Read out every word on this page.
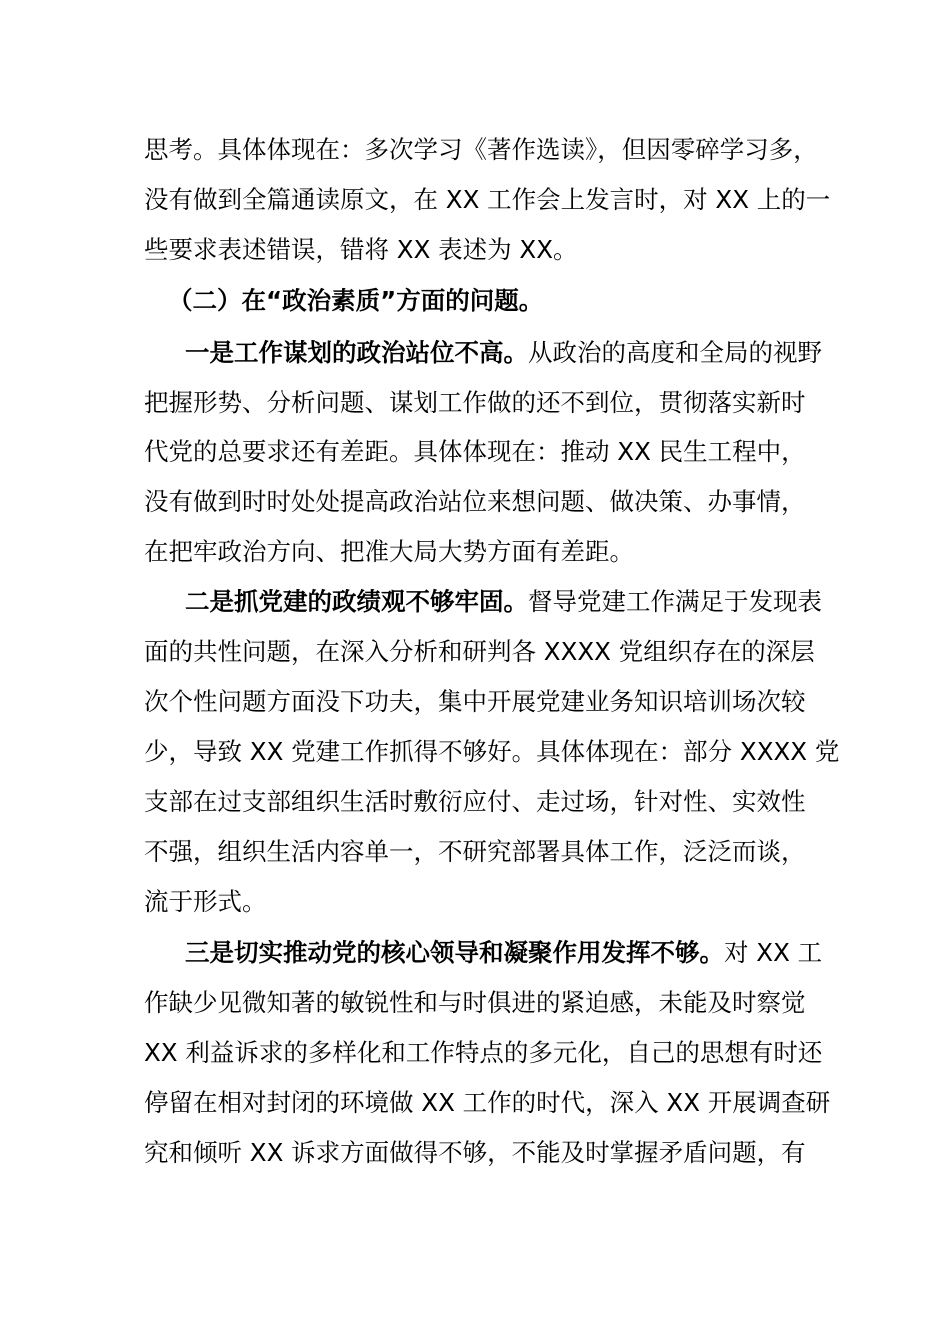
思考。具体体现在：多次学习《著作选读》，但因零碎学习多，
没有做到全篇通读原文，在 XX 工作会上发言时，对 XX 上的一
些要求表述错误，错将 XX 表述为 XX。
（二）在“政治素质”方面的问题。
一是工作谋划的政治站位不高。从政治的高度和全局的视野
把握形势、分析问题、谋划工作做的还不到位，贯彻落实新时
代党的总要求还有差距。具体体现在：推动 XX 民生工程中，
没有做到时时处处提高政治站位来想问题、做决策、办事情，
在把牢政治方向、把准大局大势方面有差距。
二是抓党建的政绩观不够牢固。督导党建工作满足于发现表
面的共性问题，在深入分析和研判各 XXXX 党组织存在的深层
次个性问题方面没下功夫，集中开展党建业务知识培训场次较
少，导致 XX 党建工作抓得不够好。具体体现在：部分 XXXX 党
支部在过支部组织生活时敷衍应付、走过场，针对性、实效性
不强，组织生活内容单一，不研究部署具体工作，泛泛而谈，
流于形式。
三是切实推动党的核心领导和凝聚作用发挥不够。对 XX 工
作缺少见微知著的敏锐性和与时俱进的紧迫感，未能及时察觉
XX 利益诉求的多样化和工作特点的多元化，自己的思想有时还
停留在相对封闭的环境做 XX 工作的时代，深入 XX 开展调查研
究和倾听 XX 诉求方面做得不够，不能及时掌握矛盾问题，有
